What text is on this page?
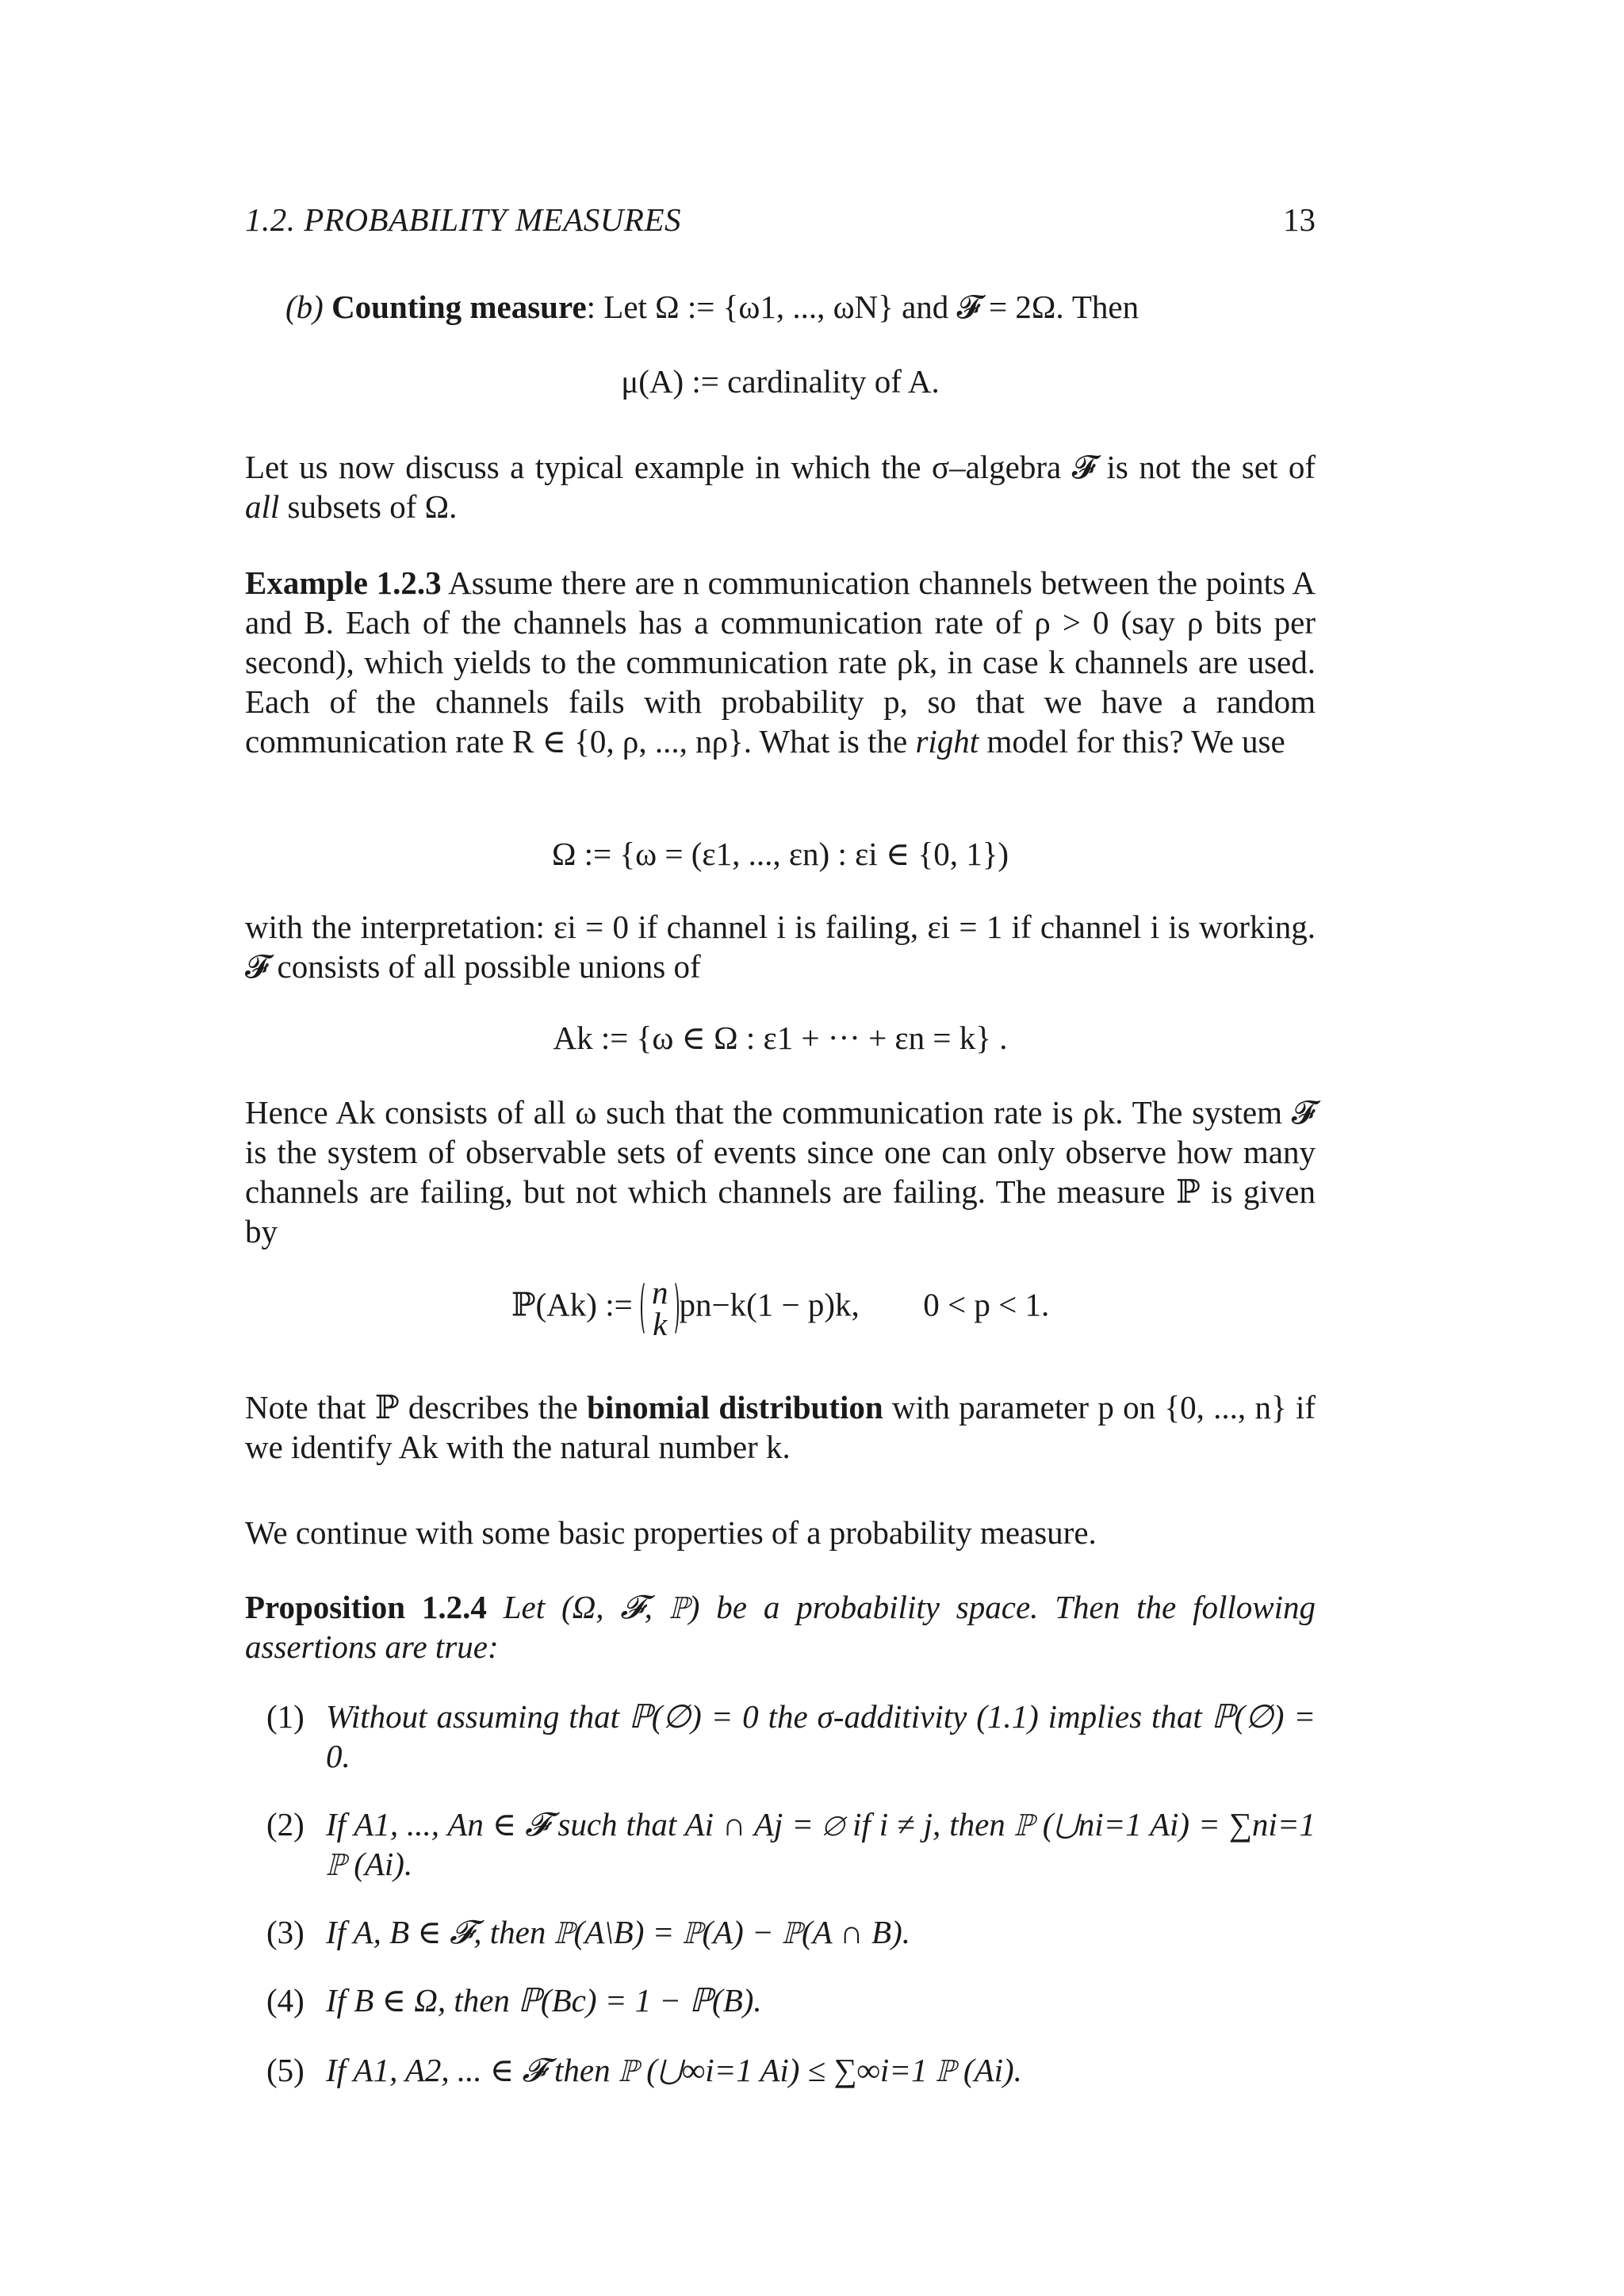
1.2. PROBABILITY MEASURES	13
(b) Counting measure: Let Ω := {ω1, ..., ωN} and 𝓕 = 2Ω. Then
μ(A) := cardinality of A.
Let us now discuss a typical example in which the σ–algebra 𝓕 is not the set of all subsets of Ω.
Example 1.2.3 Assume there are n communication channels between the points A and B. Each of the channels has a communication rate of ρ > 0 (say ρ bits per second), which yields to the communication rate ρk, in case k channels are used. Each of the channels fails with probability p, so that we have a random communication rate R ∈ {0, ρ, ..., nρ}. What is the right model for this? We use
Ω := {ω = (ε1, ..., εn) : εi ∈ {0, 1})
with the interpretation: εi = 0 if channel i is failing, εi = 1 if channel i is working. 𝓕 consists of all possible unions of
Ak := {ω ∈ Ω : ε1 + ··· + εn = k} .
Hence Ak consists of all ω such that the communication rate is ρk. The system 𝓕 is the system of observable sets of events since one can only observe how many channels are failing, but not which channels are failing. The measure ℙ is given by
ℙ(Ak) := n
k
pn−k(1 − p)k, 0 < p < 1.
Note that ℙ describes the binomial distribution with parameter p on {0, ..., n} if we identify Ak with the natural number k.
We continue with some basic properties of a probability measure.
Proposition 1.2.4 Let (Ω, 𝓕, ℙ) be a probability space. Then the following assertions are true:
(1) Without assuming that ℙ(∅) = 0 the σ-additivity (1.1) implies that ℙ(∅) = 0.
(2) If A1, ..., An ∈ 𝓕 such that Ai ∩ Aj = ∅ if i ≠ j, then ℙ (⋃ni=1 Ai) = ∑ni=1 ℙ (Ai).
(3) If A, B ∈ 𝓕, then ℙ(A\B) = ℙ(A) − ℙ(A ∩ B).
(4) If B ∈ Ω, then ℙ(Bc) = 1 − ℙ(B).
(5) If A1, A2, ... ∈ 𝓕 then ℙ (⋃∞i=1 Ai) ≤ ∑∞i=1 ℙ (Ai).
